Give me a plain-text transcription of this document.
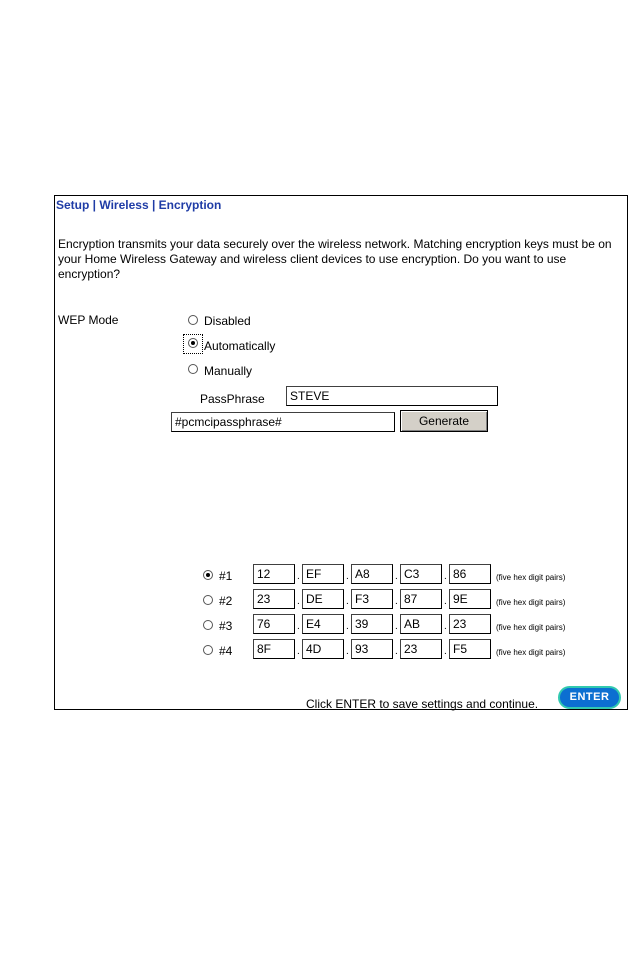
Setup | Wireless | Encryption
Encryption transmits your data securely over the wireless network. Matching encryption keys must be on your Home Wireless Gateway and wireless client devices to use encryption. Do you want to use encryption?
WEP Mode	Disabled
Automatically
Manually
PassPhrase
STEVE
#pcmcipassphrase#
Generate
#1
12	.
EF	.
A8	.
C3	.
86	(five hex digit pairs)
#2
23	.
DE	.
F3	.
87	.
9E	(five hex digit pairs)
#3
76	.
E4	.
39	.
AB	.
23	(five hex digit pairs)
#4
8F	.
4D	.
93	.
23	.
F5	(five hex digit pairs)
Click ENTER to save settings and continue.	ENTER
